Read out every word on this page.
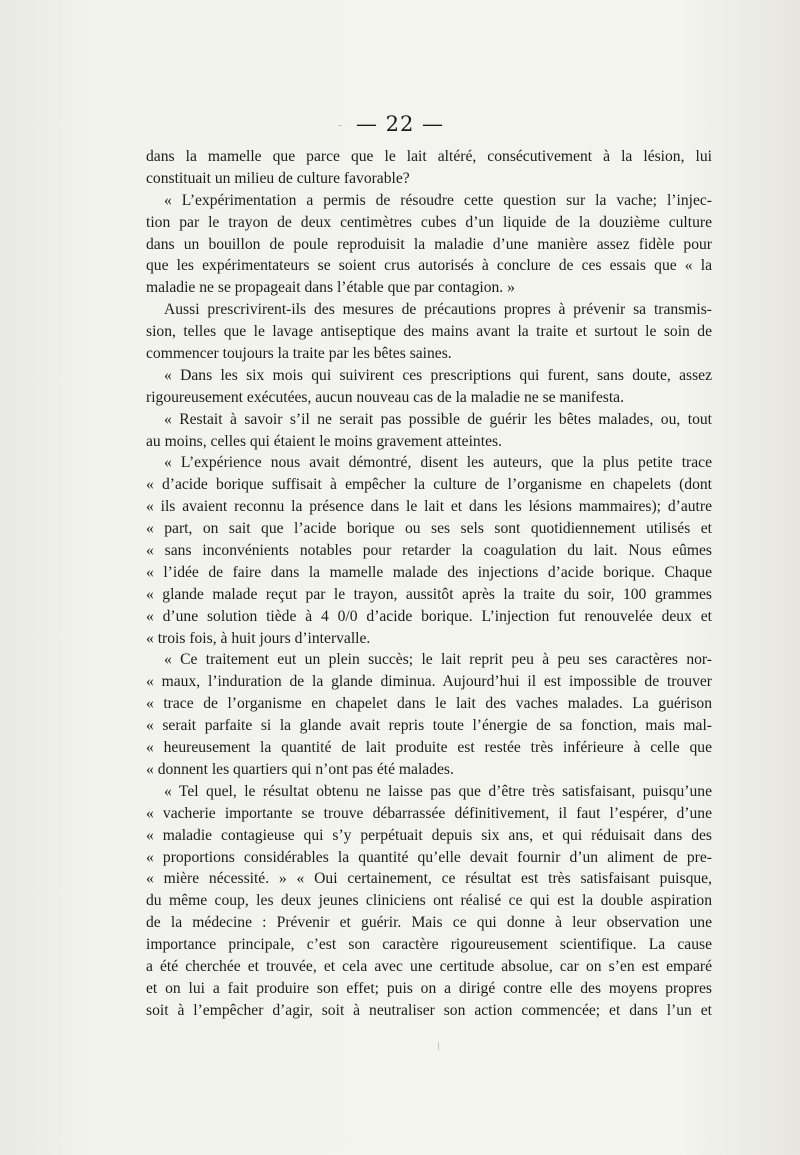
— 22 —
dans la mamelle que parce que le lait altéré, consécutivement à la lésion, lui
constituait un milieu de culture favorable?
« L’expérimentation a permis de résoudre cette question sur la vache; l’injec-
tion par le trayon de deux centimètres cubes d’un liquide de la douzième culture
dans un bouillon de poule reproduisit la maladie d’une manière assez fidèle pour
que les expérimentateurs se soient crus autorisés à conclure de ces essais que « la
maladie ne se propageait dans l’étable que par contagion. »
Aussi prescrivirent-ils des mesures de précautions propres à prévenir sa transmis-
sion, telles que le lavage antiseptique des mains avant la traite et surtout le soin de
commencer toujours la traite par les bêtes saines.
« Dans les six mois qui suivirent ces prescriptions qui furent, sans doute, assez
rigoureusement exécutées, aucun nouveau cas de la maladie ne se manifesta.
« Restait à savoir s’il ne serait pas possible de guérir les bêtes malades, ou, tout
au moins, celles qui étaient le moins gravement atteintes.
« L’expérience nous avait démontré, disent les auteurs, que la plus petite trace
« d’acide borique suffisait à empêcher la culture de l’organisme en chapelets (dont
« ils avaient reconnu la présence dans le lait et dans les lésions mammaires); d’autre
« part, on sait que l’acide borique ou ses sels sont quotidiennement utilisés et
« sans inconvénients notables pour retarder la coagulation du lait. Nous eûmes
« l’idée de faire dans la mamelle malade des injections d’acide borique. Chaque
« glande malade reçut par le trayon, aussitôt après la traite du soir, 100 grammes
« d’une solution tiède à 4 0/0 d’acide borique. L’injection fut renouvelée deux et
« trois fois, à huit jours d’intervalle.
« Ce traitement eut un plein succès; le lait reprit peu à peu ses caractères nor-
« maux, l’induration de la glande diminua. Aujourd’hui il est impossible de trouver
« trace de l’organisme en chapelet dans le lait des vaches malades. La guérison
« serait parfaite si la glande avait repris toute l’énergie de sa fonction, mais mal-
« heureusement la quantité de lait produite est restée très inférieure à celle que
« donnent les quartiers qui n’ont pas été malades.
« Tel quel, le résultat obtenu ne laisse pas que d’être très satisfaisant, puisqu’une
« vacherie importante se trouve débarrassée définitivement, il faut l’espérer, d’une
« maladie contagieuse qui s’y perpétuait depuis six ans, et qui réduisait dans des
« proportions considérables la quantité qu’elle devait fournir d’un aliment de pre-
« mière nécessité. » « Oui certainement, ce résultat est très satisfaisant puisque,
du même coup, les deux jeunes cliniciens ont réalisé ce qui est la double aspiration
de la médecine : Prévenir et guérir. Mais ce qui donne à leur observation une
importance principale, c’est son caractère rigoureusement scientifique. La cause
a été cherchée et trouvée, et cela avec une certitude absolue, car on s’en est emparé
et on lui a fait produire son effet; puis on a dirigé contre elle des moyens propres
soit à l’empêcher d’agir, soit à neutraliser son action commencée; et dans l’un et
